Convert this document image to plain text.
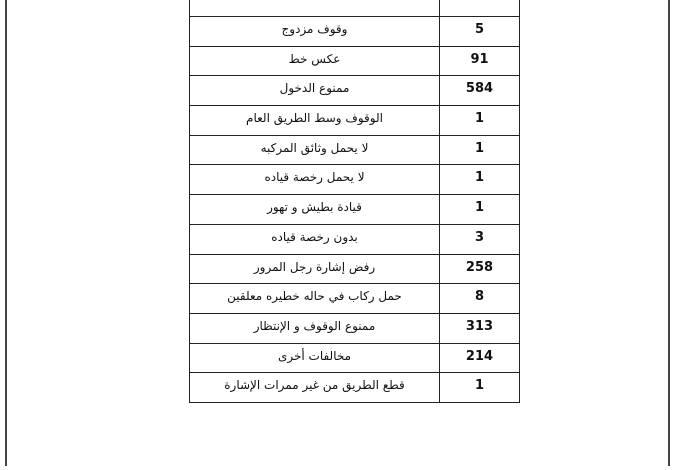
وقوف مزدوج	5
عكس خط	91
ممنوع الدخول	584
الوقوف وسط الطريق العام	1
لا يحمل وثائق المركبه	1
لا يحمل رخصة قياده	1
قيادة بطيش و تهور	1
بدون رخصة قياده	3
رفض إشارة رجل المرور	258
حمل ركاب في حاله خطيره معلقين	8
ممنوع الوقوف و الإنتظار	313
مخالفات أخرى	214
قطع الطريق من غير ممرات الإشارة	1
